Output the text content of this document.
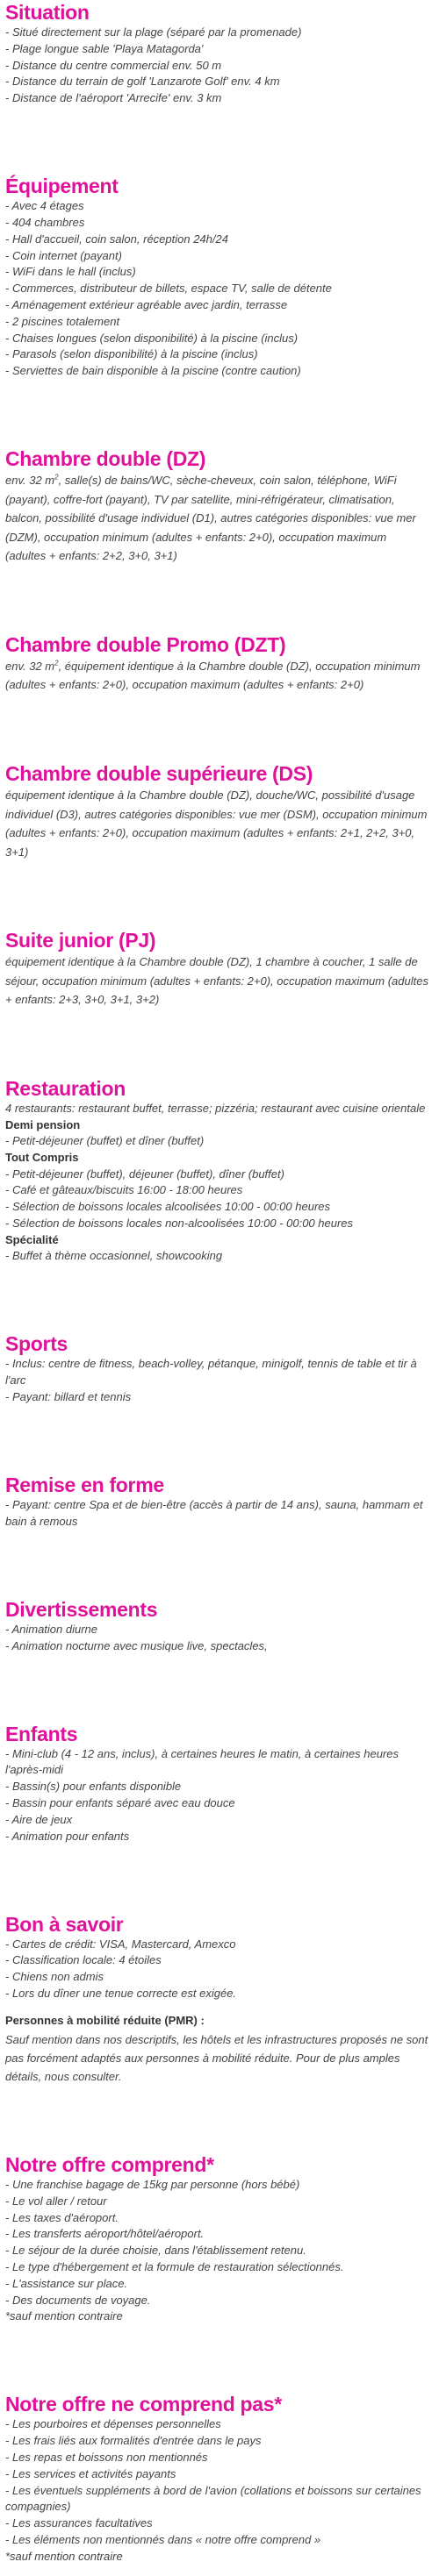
Situation
- Situé directement sur la plage (séparé par la promenade)
- Plage longue sable 'Playa Matagorda'
- Distance du centre commercial env. 50 m
- Distance du terrain de golf 'Lanzarote Golf' env. 4 km
- Distance de l'aéroport 'Arrecife' env. 3 km
Équipement
- Avec 4 étages
- 404 chambres
- Hall d'accueil, coin salon, réception 24h/24
- Coin internet (payant)
- WiFi dans le hall (inclus)
- Commerces, distributeur de billets, espace TV, salle de détente
- Aménagement extérieur agréable avec jardin, terrasse
- 2 piscines totalement
- Chaises longues (selon disponibilité) à la piscine (inclus)
- Parasols (selon disponibilité) à la piscine (inclus)
- Serviettes de bain disponible à la piscine (contre caution)
Chambre double (DZ)
env. 32 $m^2$, salle(s) de bains/WC, sèche-cheveux, coin salon, téléphone, WiFi (payant), coffre-fort (payant), TV par satellite, mini-réfrigérateur, climatisation, balcon, possibilité d'usage individuel (D1), autres catégories disponibles: vue mer (DZM), occupation minimum (adultes + enfants: 2+0), occupation maximum (adultes + enfants: 2+2, 3+0, 3+1)
Chambre double Promo (DZT)
env. 32 $m^2$, équipement identique à la Chambre double (DZ), occupation minimum (adultes + enfants: 2+0), occupation maximum (adultes + enfants: 2+0)
Chambre double supérieure (DS)
équipement identique à la Chambre double (DZ), douche/WC, possibilité d'usage individuel (D3), autres catégories disponibles: vue mer (DSM), occupation minimum (adultes + enfants: 2+0), occupation maximum (adultes + enfants: 2+1, 2+2, 3+0, 3+1)
Suite junior (PJ)
équipement identique à la Chambre double (DZ), 1 chambre à coucher, 1 salle de séjour, occupation minimum (adultes + enfants: 2+0), occupation maximum (adultes + enfants: 2+3, 3+0, 3+1, 3+2)
Restauration
4 restaurants: restaurant buffet, terrasse; pizzéria; restaurant avec cuisine orientale
Demi pension
- Petit-déjeuner (buffet) et dîner (buffet)
Tout Compris
- Petit-déjeuner (buffet), déjeuner (buffet), dîner (buffet)
- Café et gâteaux/biscuits 16:00 - 18:00 heures
- Sélection de boissons locales alcoolisées 10:00 - 00:00 heures
- Sélection de boissons locales non-alcoolisées 10:00 - 00:00 heures
Spécialité
- Buffet à thème occasionnel, showcooking
Sports
- Inclus: centre de fitness, beach-volley, pétanque, minigolf, tennis de table et tir à l'arc
- Payant: billard et tennis
Remise en forme
- Payant: centre Spa et de bien-être (accès à partir de 14 ans), sauna, hammam et bain à remous
Divertissements
- Animation diurne
- Animation nocturne avec musique live, spectacles,
Enfants
- Mini-club (4 - 12 ans, inclus), à certaines heures le matin, à certaines heures l'après-midi
- Bassin(s) pour enfants disponible
- Bassin pour enfants séparé avec eau douce
- Aire de jeux
- Animation pour enfants
Bon à savoir
- Cartes de crédit: VISA, Mastercard, Amexco
- Classification locale: 4 étoiles
- Chiens non admis
- Lors du dîner une tenue correcte est exigée.
Personnes à mobilité réduite (PMR) :
Sauf mention dans nos descriptifs, les hôtels et les infrastructures proposés ne sont pas forcément adaptés aux personnes à mobilité réduite. Pour de plus amples détails, nous consulter.
Notre offre comprend*
- Une franchise bagage de 15kg par personne (hors bébé)
- Le vol aller / retour
- Les taxes d'aéroport.
- Les transferts aéroport/hôtel/aéroport.
- Le séjour de la durée choisie, dans l'établissement retenu.
- Le type d'hébergement et la formule de restauration sélectionnés.
- L'assistance sur place.
- Des documents de voyage.
*sauf mention contraire
Notre offre ne comprend pas*
- Les pourboires et dépenses personnelles
- Les frais liés aux formalités d'entrée dans le pays
- Les repas et boissons non mentionnés
- Les services et activités payants
- Les éventuels suppléments à bord de l'avion (collations et boissons sur certaines compagnies)
- Les assurances facultatives
- Les éléments non mentionnés dans « notre offre comprend »
*sauf mention contraire
